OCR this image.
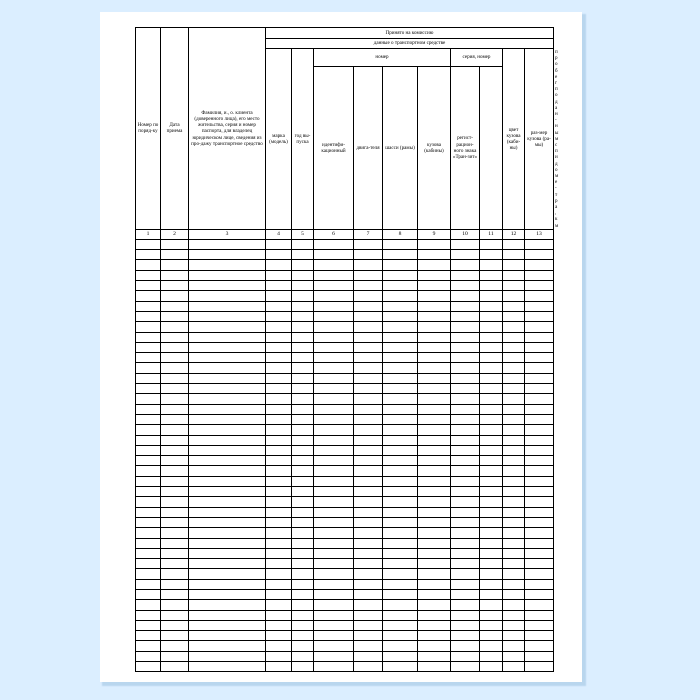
Номер по поряд-ку	Дата приема	Фамилия, и., о. клиента (доверенного лица), его место жительства, серия и номер паспорта, для владелец юридическом лице, сведения из про-дажу транспортное средство	Принято на комиссию										
			данные о транспортном средстве										

			марка (модель)	год вы-пуска	номер				серия, номер		цвет кузова (каби-ны)	раз-мер кузова (ра-мы)	пробег по дан-ным спидоме-тра, км

					идентифи-кационный	двига-теля	шасси (рамы)	кузова (кабины)	регист-рацион-ного знака «Тран-зит»				

1	2	3	4	5	6	7	8	9	10	11	12	13	
